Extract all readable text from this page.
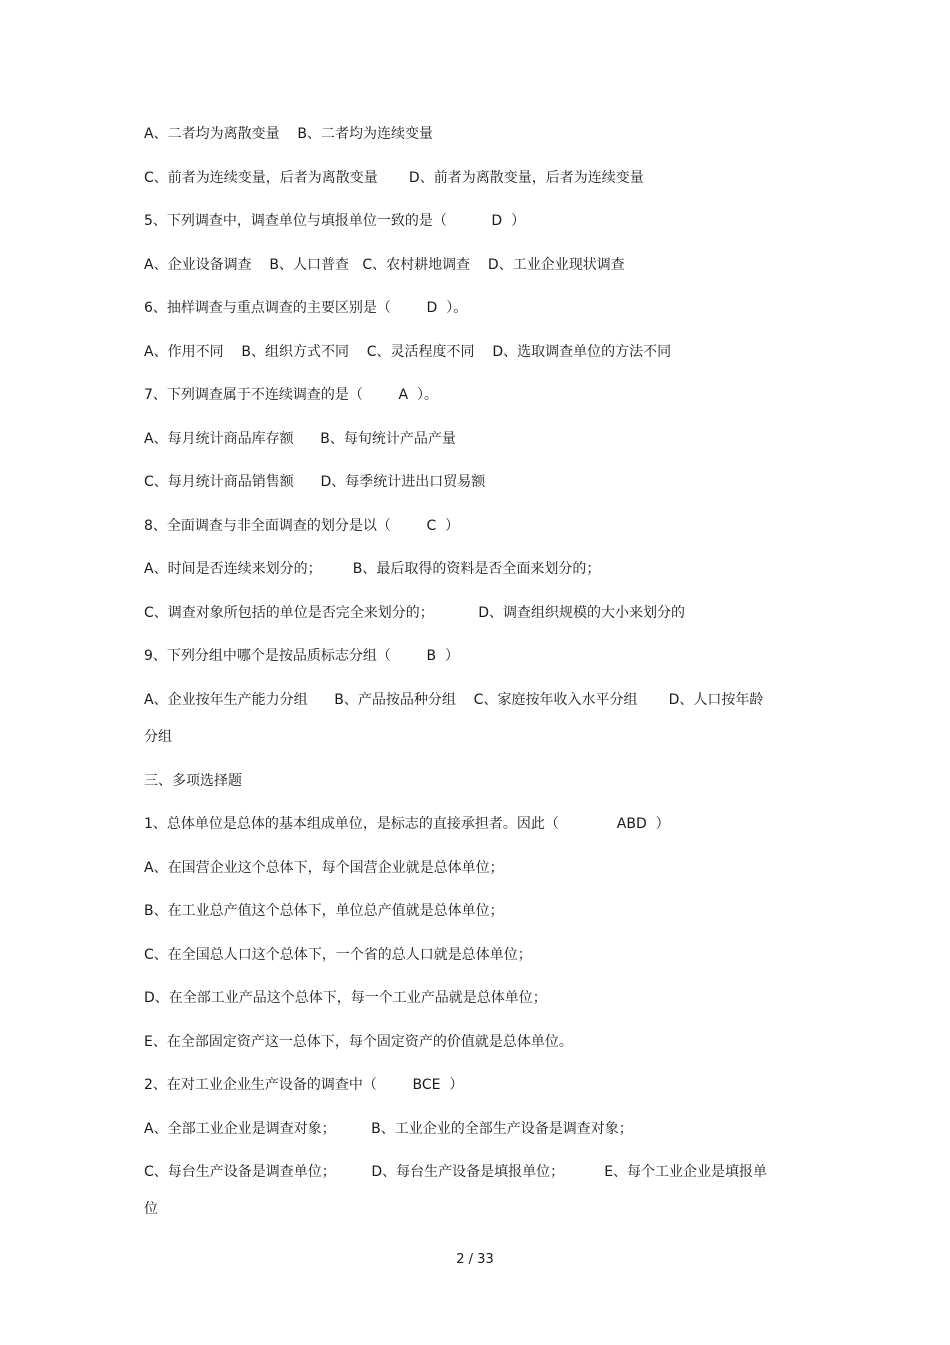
A、二者均为离散变量    B、二者均为连续变量

C、前者为连续变量，后者为离散变量       D、前者为离散变量，后者为连续变量

5、下列调查中，调查单位与填报单位一致的是（          D  ）

A、企业设备调查    B、人口普查   C、农村耕地调查    D、工业企业现状调查

6、抽样调查与重点调查的主要区别是（        D  ）。

A、作用不同    B、组织方式不同    C、灵活程度不同    D、选取调查单位的方法不同

7、下列调查属于不连续调查的是（        A  ）。

A、每月统计商品库存额      B、每旬统计产品产量

C、每月统计商品销售额      D、每季统计进出口贸易额

8、全面调查与非全面调查的划分是以（        C  ）

A、时间是否连续来划分的；       B、最后取得的资料是否全面来划分的；

C、调查对象所包括的单位是否完全来划分的；          D、调查组织规模的大小来划分的

9、下列分组中哪个是按品质标志分组（        B  ）

A、企业按年生产能力分组      B、产品按品种分组    C、家庭按年收入水平分组       D、人口按年龄

分组

三、多项选择题

1、总体单位是总体的基本组成单位，是标志的直接承担者。因此（             ABD  ）

A、在国营企业这个总体下，每个国营企业就是总体单位；

B、在工业总产值这个总体下，单位总产值就是总体单位；

C、在全国总人口这个总体下，一个省的总人口就是总体单位；

D、在全部工业产品这个总体下，每一个工业产品就是总体单位；

E、在全部固定资产这一总体下，每个固定资产的价值就是总体单位。

2、在对工业企业生产设备的调查中（        BCE  ）

A、全部工业企业是调查对象；        B、工业企业的全部生产设备是调查对象；

C、每台生产设备是调查单位；        D、每台生产设备是填报单位；         E、每个工业企业是填报单

位

2 / 33
